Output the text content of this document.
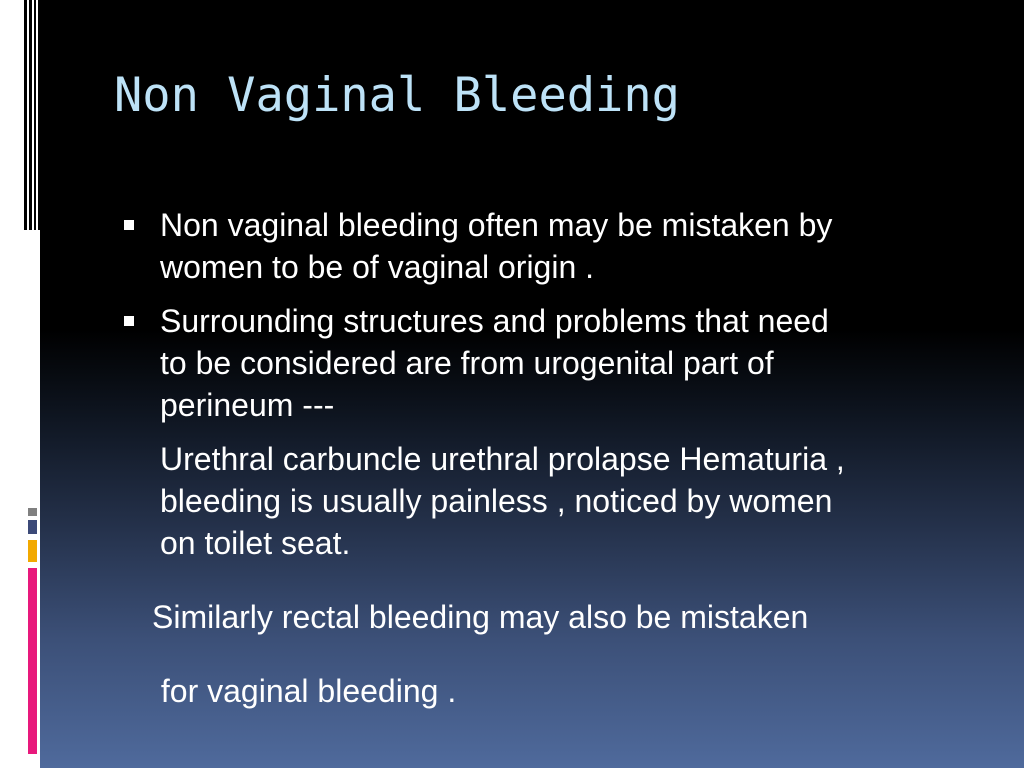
Non Vaginal Bleeding

Non vaginal bleeding often may be mistaken by

women to be of vaginal origin .

Surrounding structures and problems that need

to be considered are from urogenital part of

perineum ---

Urethral carbuncle urethral prolapse Hematuria ,

bleeding is usually painless , noticed by women

on toilet seat.

Similarly rectal bleeding may also be mistaken

for vaginal bleeding .
